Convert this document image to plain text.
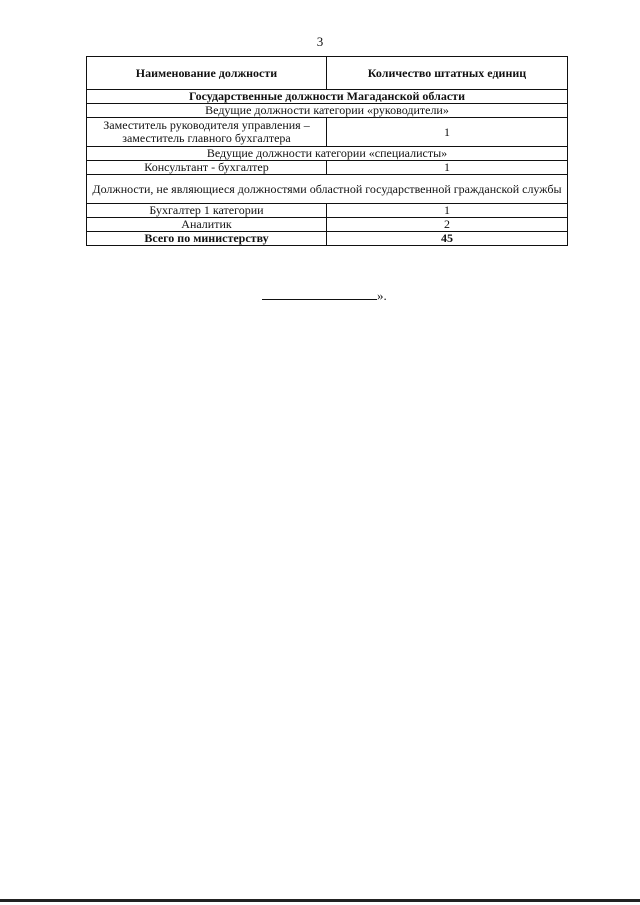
3
Наименование должности	Количество штатных единиц
Государственные должности Магаданской области	
Ведущие должности категории «руководители»	
Заместитель руководителя управления – заместитель главного бухгалтера	1
Ведущие должности категории «специалисты»	
Консультант - бухгалтер	1
Должности, не являющиеся должностями областной государственной гражданской службы	
Бухгалтер 1 категории	1
Аналитик	2
Всего по министерству	45
».
